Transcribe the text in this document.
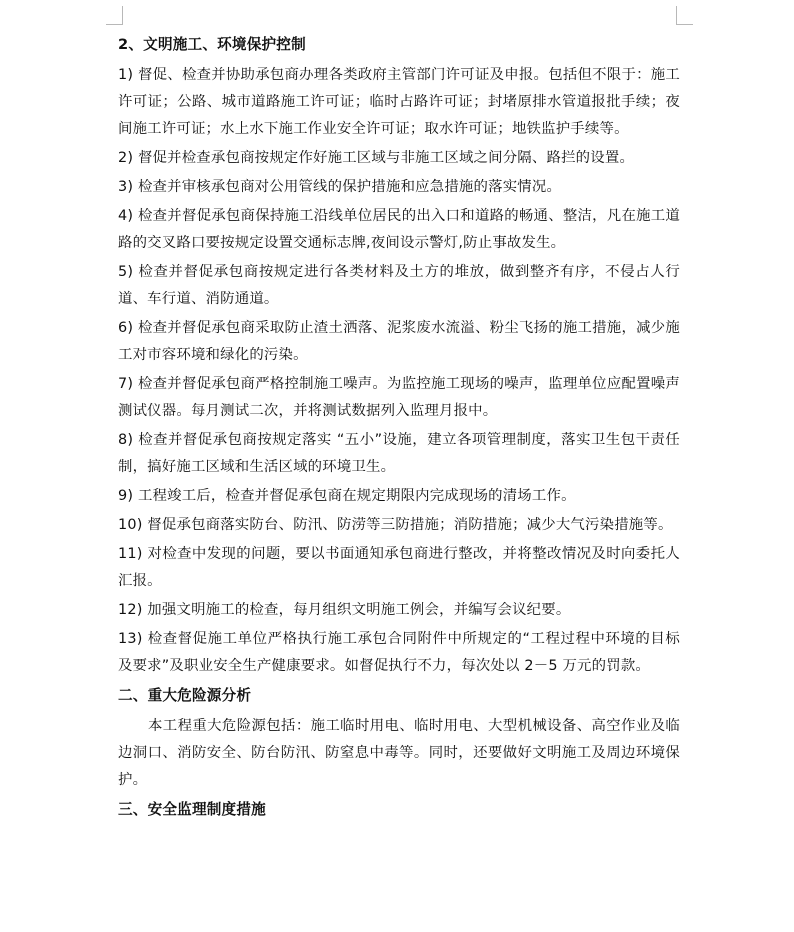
2、文明施工、环境保护控制

1) 督促、检查并协助承包商办理各类政府主管部门许可证及申报。包括但不限于：施工许可证；公路、城市道路施工许可证；临时占路许可证；封堵原排水管道报批手续；夜间施工许可证；水上水下施工作业安全许可证；取水许可证；地铁监护手续等。

2) 督促并检查承包商按规定作好施工区域与非施工区域之间分隔、路拦的设置。

3) 检查并审核承包商对公用管线的保护措施和应急措施的落实情况。

4) 检查并督促承包商保持施工沿线单位居民的出入口和道路的畅通、整洁，凡在施工道路的交叉路口要按规定设置交通标志牌,夜间设示警灯,防止事故发生。

5) 检查并督促承包商按规定进行各类材料及土方的堆放，做到整齐有序，不侵占人行道、车行道、消防通道。

6) 检查并督促承包商采取防止渣土洒落、泥浆废水流溢、粉尘飞扬的施工措施，减少施工对市容环境和绿化的污染。

7) 检查并督促承包商严格控制施工噪声。为监控施工现场的噪声，监理单位应配置噪声测试仪器。每月测试二次，并将测试数据列入监理月报中。

8) 检查并督促承包商按规定落实 “五小”设施，建立各项管理制度，落实卫生包干责任制，搞好施工区域和生活区域的环境卫生。

9) 工程竣工后，检查并督促承包商在规定期限内完成现场的清场工作。

10) 督促承包商落实防台、防汛、防涝等三防措施；消防措施；减少大气污染措施等。

11) 对检查中发现的问题，要以书面通知承包商进行整改，并将整改情况及时向委托人汇报。

12) 加强文明施工的检查，每月组织文明施工例会，并编写会议纪要。

13) 检查督促施工单位严格执行施工承包合同附件中所规定的“工程过程中环境的目标及要求”及职业安全生产健康要求。如督促执行不力，每次处以 2－5 万元的罚款。

二、重大危险源分析

本工程重大危险源包括：施工临时用电、临时用电、大型机械设备、高空作业及临边洞口、消防安全、防台防汛、防窒息中毒等。同时，还要做好文明施工及周边环境保护。

三、安全监理制度措施
